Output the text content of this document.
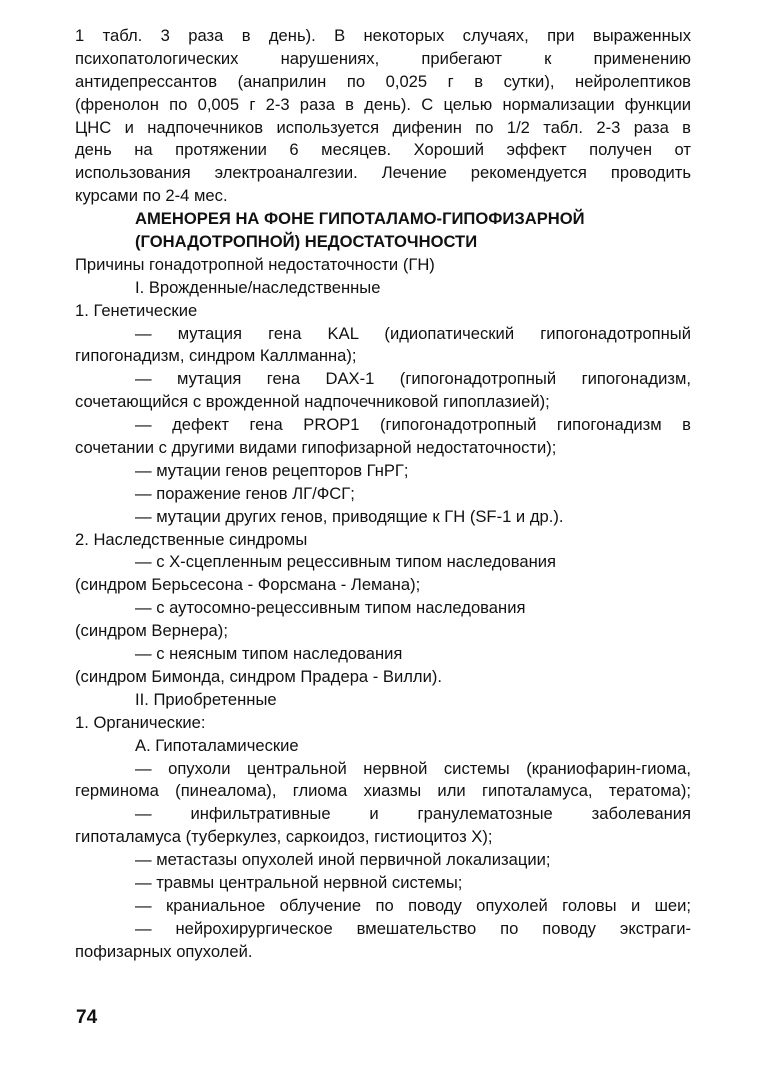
1 табл. 3 раза в день). В некоторых случаях, при выраженных
психопатологических нарушениях, прибегают к применению
антидепрессантов (анаприлин по 0,025 г в сутки), нейролептиков
(френолон по 0,005 г 2-3 раза в день). С целью нормализации функции
ЦНС и надпочечников используется дифенин по 1/2 табл. 2-3 раза в
день на протяжении 6 месяцев. Хороший эффект получен от
использования электроаналгезии. Лечение рекомендуется проводить
курсами по 2-4 мес.
АМЕНОРЕЯ НА ФОНЕ ГИПОТАЛАМО-ГИПОФИЗАРНОЙ
(ГОНАДОТРОПНОЙ) НЕДОСТАТОЧНОСТИ
Причины гонадотропной недостаточности (ГН)
I. Врожденные/наследственные
1. Генетические
— мутация гена KAL (идиопатический гипогонадотропный
гипогонадизм, синдром Каллманна);
— мутация гена DAX-1 (гипогонадотропный гипогонадизм,
сочетающийся с врожденной надпочечниковой гипоплазией);
— дефект гена PROP1 (гипогонадотропный гипогонадизм в
сочетании с другими видами гипофизарной недостаточности);
— мутации генов рецепторов ГнРГ;
— поражение генов ЛГ/ФСГ;
— мутации других генов, приводящие к ГН (SF-1 и др.).
2. Наследственные синдромы
— с Х-сцепленным рецессивным типом наследования
(синдром Берьсесона - Форсмана - Лемана);
— с аутосомно-рецессивным типом наследования
(синдром Вернера);
— с неясным типом наследования
(синдром Бимонда, синдром Прадера - Вилли).
II. Приобретенные
1. Органические:
А. Гипоталамические
— опухоли центральной нервной системы (краниофарин-гиома,
герминома (пинеалома), глиома хиазмы или гипоталамуса, тератома);
— инфильтративные и гранулематозные заболевания
гипоталамуса (туберкулез, саркоидоз, гистиоцитоз X);
— метастазы опухолей иной первичной локализации;
— травмы центральной нервной системы;
— краниальное облучение по поводу опухолей головы и шеи;
— нейрохирургическое вмешательство по поводу экстраги-
пофизарных опухолей.
74
